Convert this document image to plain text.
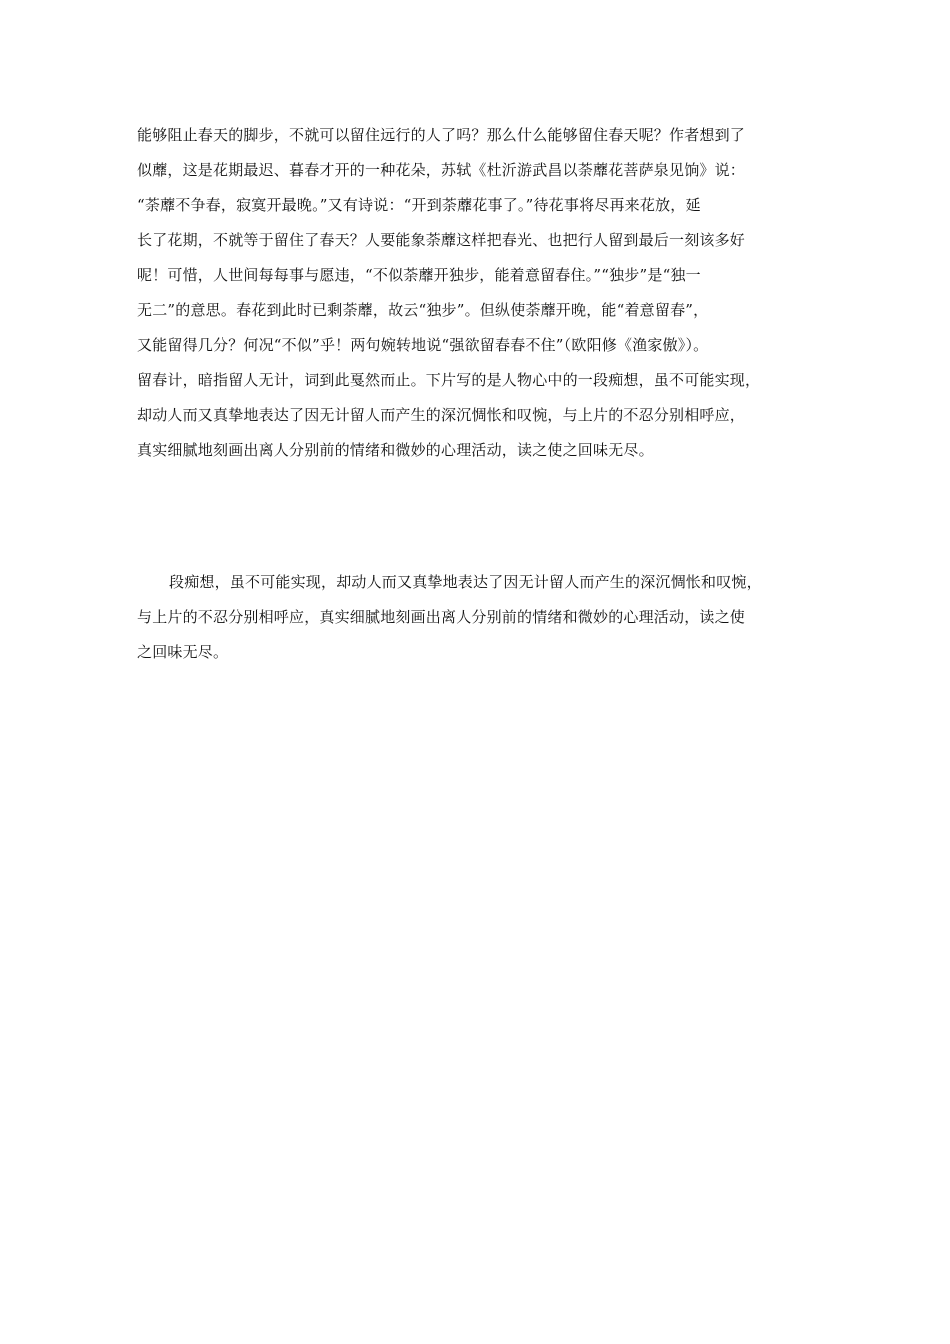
能够阻止春天的脚步，不就可以留住远行的人了吗？那么什么能够留住春天呢？作者想到了
似蘼，这是花期最迟、暮春才开的一种花朵，苏轼《杜沂游武昌以荼蘼花菩萨泉见饷》说：
“荼蘼不争春，寂寞开最晚。”又有诗说：“开到荼蘼花事了。”待花事将尽再来花放，延
长了花期，不就等于留住了春天？人要能象荼蘼这样把春光、也把行人留到最后一刻该多好
呢！可惜，人世间每每事与愿违，“不似荼蘼开独步，能着意留春住。”“独步”是“独一
无二”的意思。春花到此时已剩荼蘼，故云“独步”。但纵使荼蘼开晚，能“着意留春”，
又能留得几分？何况“不似”乎！两句婉转地说“强欲留春春不住”（欧阳修《渔家傲》）。
留春计，暗指留人无计，词到此戛然而止。下片写的是人物心中的一段痴想，虽不可能实现，
却动人而又真挚地表达了因无计留人而产生的深沉惆怅和叹惋，与上片的不忍分别相呼应，
真实细腻地刻画出离人分别前的情绪和微妙的心理活动，读之使之回味无尽。
段痴想，虽不可能实现，却动人而又真挚地表达了因无计留人而产生的深沉惆怅和叹惋，
与上片的不忍分别相呼应，真实细腻地刻画出离人分别前的情绪和微妙的心理活动，读之使
之回味无尽。
